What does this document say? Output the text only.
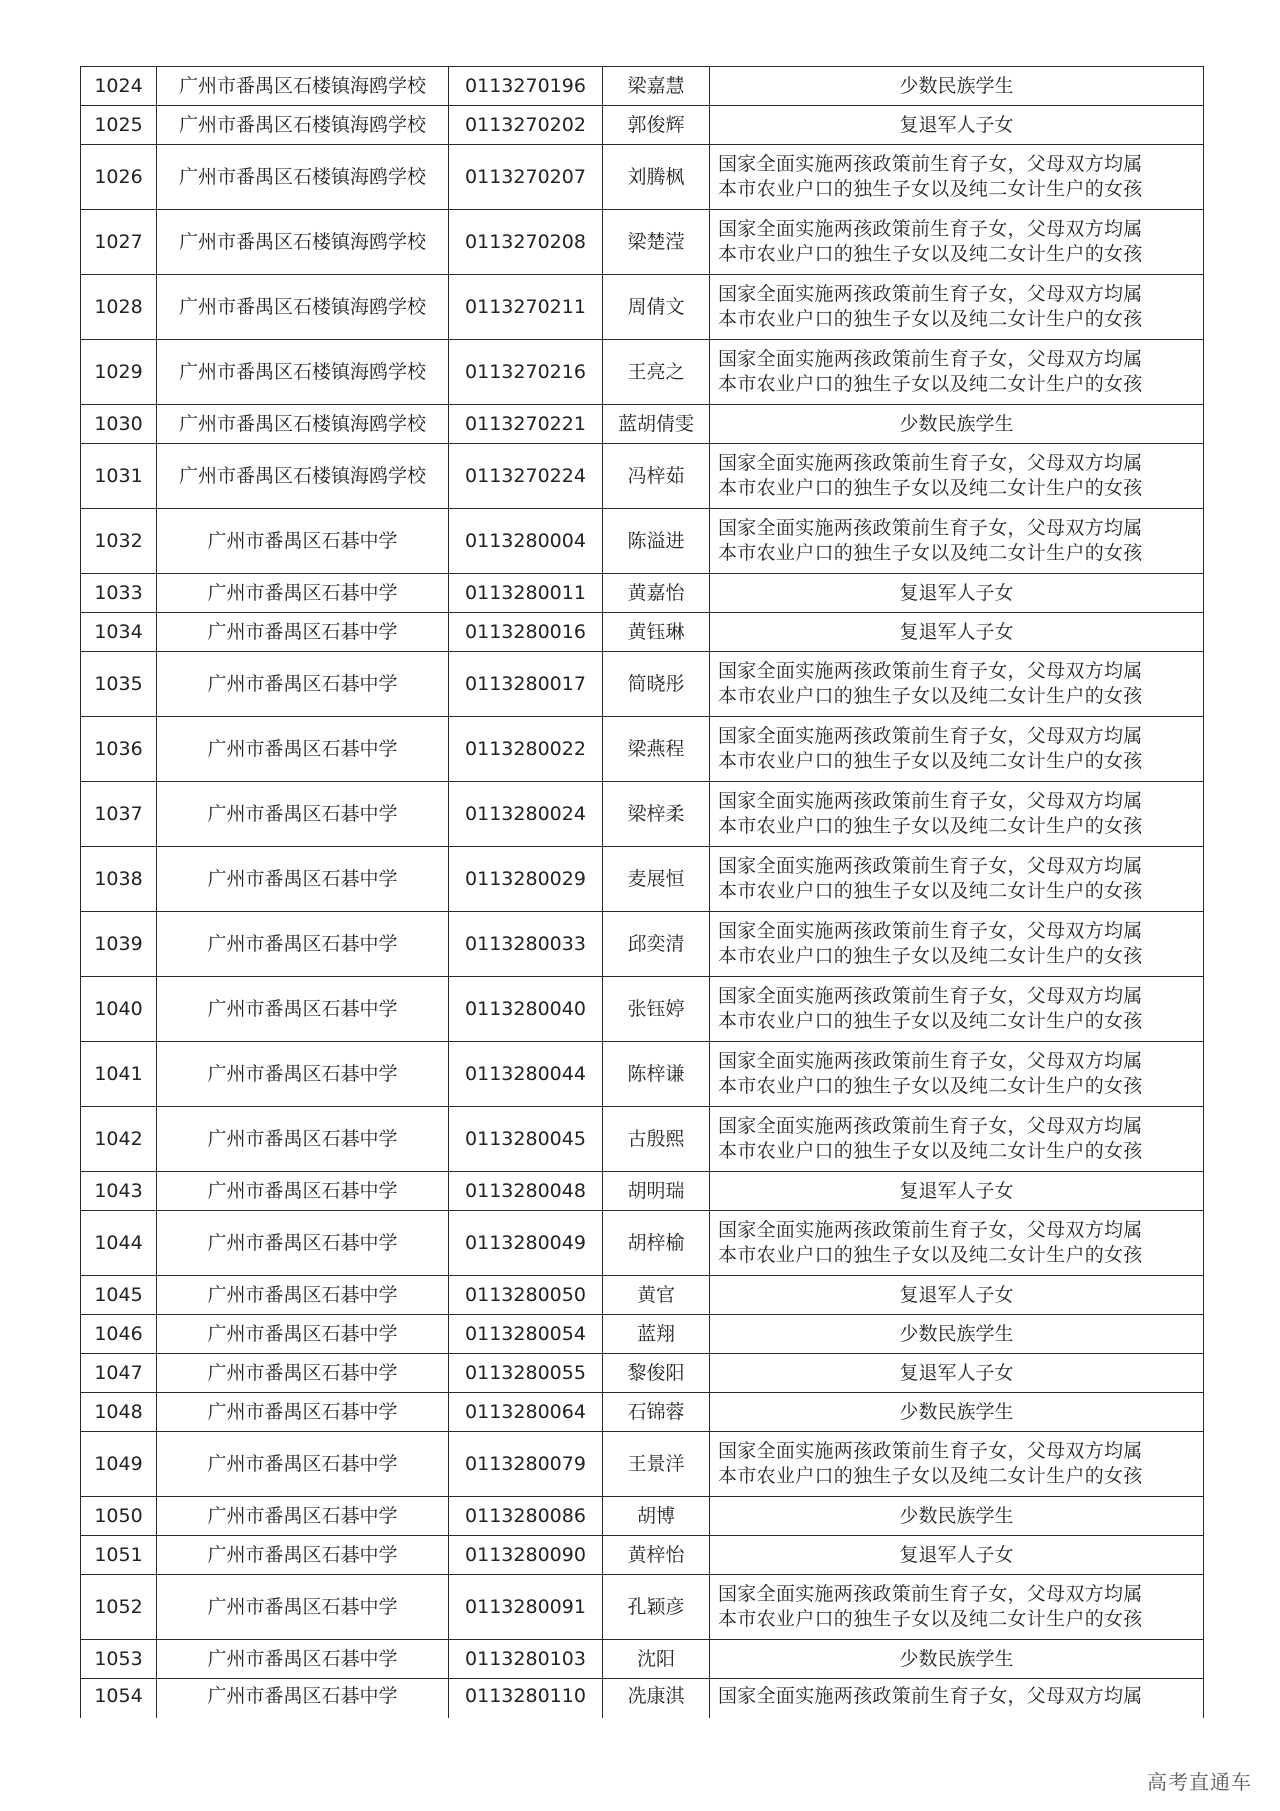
1024	广州市番禺区石楼镇海鸥学校	0113270196	梁嘉慧	少数民族学生
1025	广州市番禺区石楼镇海鸥学校	0113270202	郭俊辉	复退军人子女
1026	广州市番禺区石楼镇海鸥学校	0113270207	刘腾枫	国家全面实施两孩政策前生育子女，父母双方均属
本市农业户口的独生子女以及纯二女计生户的女孩

1027	广州市番禺区石楼镇海鸥学校	0113270208	梁楚滢	国家全面实施两孩政策前生育子女，父母双方均属
本市农业户口的独生子女以及纯二女计生户的女孩

1028	广州市番禺区石楼镇海鸥学校	0113270211	周倩文	国家全面实施两孩政策前生育子女，父母双方均属
本市农业户口的独生子女以及纯二女计生户的女孩

1029	广州市番禺区石楼镇海鸥学校	0113270216	王亮之	国家全面实施两孩政策前生育子女，父母双方均属
本市农业户口的独生子女以及纯二女计生户的女孩

1030	广州市番禺区石楼镇海鸥学校	0113270221	蓝胡倩雯	少数民族学生
1031	广州市番禺区石楼镇海鸥学校	0113270224	冯梓茹	国家全面实施两孩政策前生育子女，父母双方均属
本市农业户口的独生子女以及纯二女计生户的女孩

1032	广州市番禺区石碁中学	0113280004	陈溢进	国家全面实施两孩政策前生育子女，父母双方均属
本市农业户口的独生子女以及纯二女计生户的女孩

1033	广州市番禺区石碁中学	0113280011	黄嘉怡	复退军人子女
1034	广州市番禺区石碁中学	0113280016	黄钰琳	复退军人子女
1035	广州市番禺区石碁中学	0113280017	简晓彤	国家全面实施两孩政策前生育子女，父母双方均属
本市农业户口的独生子女以及纯二女计生户的女孩

1036	广州市番禺区石碁中学	0113280022	梁燕程	国家全面实施两孩政策前生育子女，父母双方均属
本市农业户口的独生子女以及纯二女计生户的女孩

1037	广州市番禺区石碁中学	0113280024	梁梓柔	国家全面实施两孩政策前生育子女，父母双方均属
本市农业户口的独生子女以及纯二女计生户的女孩

1038	广州市番禺区石碁中学	0113280029	麦展恒	国家全面实施两孩政策前生育子女，父母双方均属
本市农业户口的独生子女以及纯二女计生户的女孩

1039	广州市番禺区石碁中学	0113280033	邱奕清	国家全面实施两孩政策前生育子女，父母双方均属
本市农业户口的独生子女以及纯二女计生户的女孩

1040	广州市番禺区石碁中学	0113280040	张钰婷	国家全面实施两孩政策前生育子女，父母双方均属
本市农业户口的独生子女以及纯二女计生户的女孩

1041	广州市番禺区石碁中学	0113280044	陈梓谦	国家全面实施两孩政策前生育子女，父母双方均属
本市农业户口的独生子女以及纯二女计生户的女孩

1042	广州市番禺区石碁中学	0113280045	古殷熙	国家全面实施两孩政策前生育子女，父母双方均属
本市农业户口的独生子女以及纯二女计生户的女孩

1043	广州市番禺区石碁中学	0113280048	胡明瑞	复退军人子女
1044	广州市番禺区石碁中学	0113280049	胡梓榆	国家全面实施两孩政策前生育子女，父母双方均属
本市农业户口的独生子女以及纯二女计生户的女孩

1045	广州市番禺区石碁中学	0113280050	黄官	复退军人子女
1046	广州市番禺区石碁中学	0113280054	蓝翔	少数民族学生
1047	广州市番禺区石碁中学	0113280055	黎俊阳	复退军人子女
1048	广州市番禺区石碁中学	0113280064	石锦蓉	少数民族学生
1049	广州市番禺区石碁中学	0113280079	王景洋	国家全面实施两孩政策前生育子女，父母双方均属
本市农业户口的独生子女以及纯二女计生户的女孩

1050	广州市番禺区石碁中学	0113280086	胡博	少数民族学生
1051	广州市番禺区石碁中学	0113280090	黄梓怡	复退军人子女
1052	广州市番禺区石碁中学	0113280091	孔颖彦	国家全面实施两孩政策前生育子女，父母双方均属
本市农业户口的独生子女以及纯二女计生户的女孩

1053	广州市番禺区石碁中学	0113280103	沈阳	少数民族学生
1054	广州市番禺区石碁中学	0113280110	冼康淇	国家全面实施两孩政策前生育子女，父母双方均属
高考直通车
